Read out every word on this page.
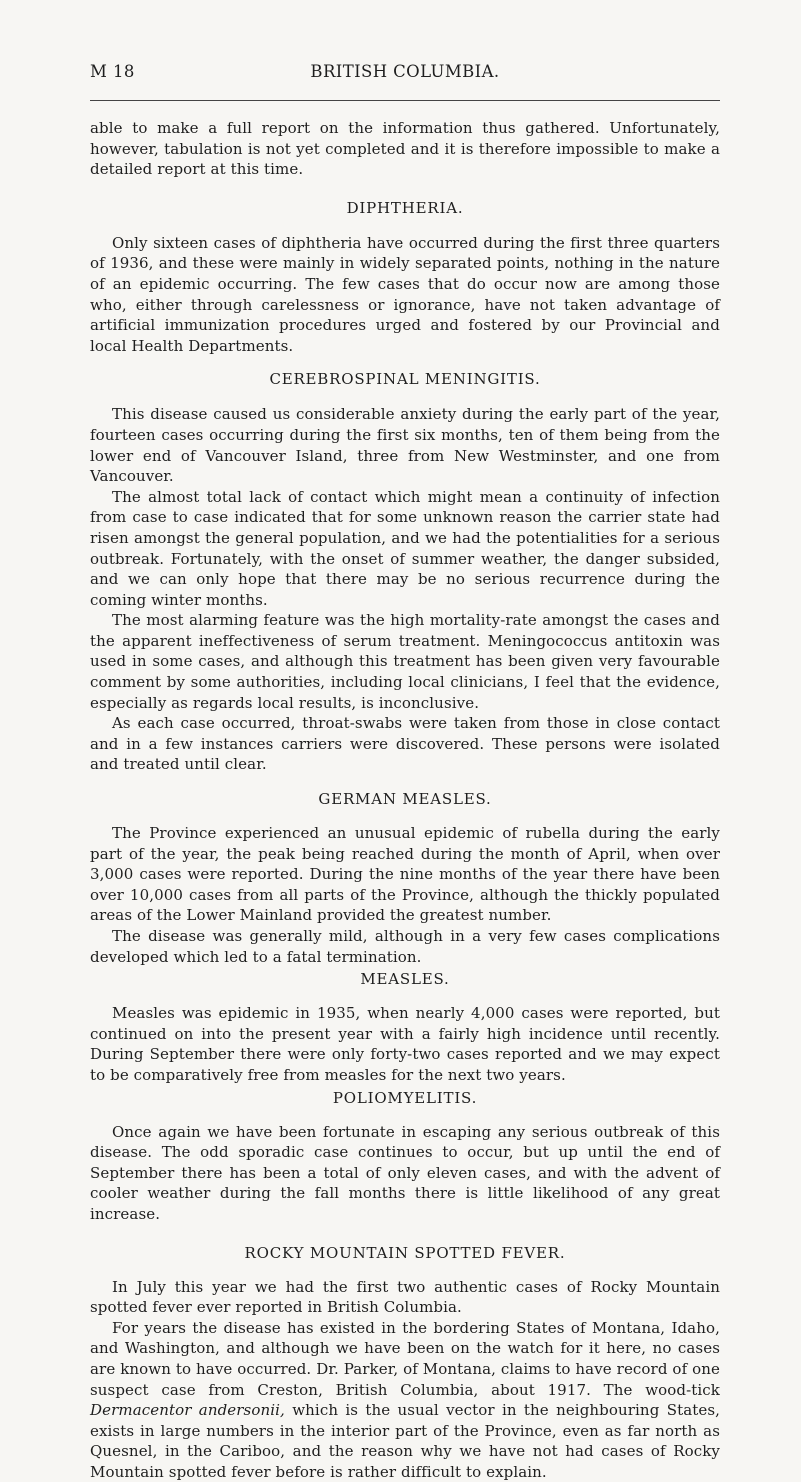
M 18	BRITISH COLUMBIA.

able to make a full report on the information thus gathered. Unfortunately, however, tabulation is not yet completed and it is therefore impossible to make a detailed report at this time.

DIPHTHERIA.

Only sixteen cases of diphtheria have occurred during the first three quarters of 1936, and these were mainly in widely separated points, nothing in the nature of an epidemic occurring. The few cases that do occur now are among those who, either through carelessness or ignorance, have not taken advantage of artificial immunization procedures urged and fostered by our Provincial and local Health Departments.

CEREBROSPINAL MENINGITIS.

This disease caused us considerable anxiety during the early part of the year, fourteen cases occurring during the first six months, ten of them being from the lower end of Vancouver Island, three from New Westminster, and one from Vancouver.

The almost total lack of contact which might mean a continuity of infection from case to case indicated that for some unknown reason the carrier state had risen amongst the general population, and we had the potentialities for a serious outbreak. Fortunately, with the onset of summer weather, the danger subsided, and we can only hope that there may be no serious recurrence during the coming winter months.

The most alarming feature was the high mortality-rate amongst the cases and the apparent ineffectiveness of serum treatment. Meningococcus antitoxin was used in some cases, and although this treatment has been given very favourable comment by some authorities, including local clinicians, I feel that the evidence, especially as regards local results, is inconclusive.

As each case occurred, throat-swabs were taken from those in close contact and in a few instances carriers were discovered. These persons were isolated and treated until clear.

GERMAN MEASLES.

The Province experienced an unusual epidemic of rubella during the early part of the year, the peak being reached during the month of April, when over 3,000 cases were reported. During the nine months of the year there have been over 10,000 cases from all parts of the Province, although the thickly populated areas of the Lower Mainland provided the greatest number.

The disease was generally mild, although in a very few cases complications developed which led to a fatal termination.

MEASLES.

Measles was epidemic in 1935, when nearly 4,000 cases were reported, but continued on into the present year with a fairly high incidence until recently. During September there were only forty-two cases reported and we may expect to be comparatively free from measles for the next two years.

POLIOMYELITIS.

Once again we have been fortunate in escaping any serious outbreak of this disease. The odd sporadic case continues to occur, but up until the end of September there has been a total of only eleven cases, and with the advent of cooler weather during the fall months there is little likelihood of any great increase.

ROCKY MOUNTAIN SPOTTED FEVER.

In July this year we had the first two authentic cases of Rocky Mountain spotted fever ever reported in British Columbia.

For years the disease has existed in the bordering States of Montana, Idaho, and Washington, and although we have been on the watch for it here, no cases are known to have occurred. Dr. Parker, of Montana, claims to have record of one suspect case from Creston, British Columbia, about 1917. The wood-tick Dermacentor andersonii, which is the usual vector in the neighbouring States, exists in large numbers in the interior part of the Province, even as far north as Quesnel, in the Cariboo, and the reason why we have not had cases of Rocky Mountain spotted fever before is rather difficult to explain.
